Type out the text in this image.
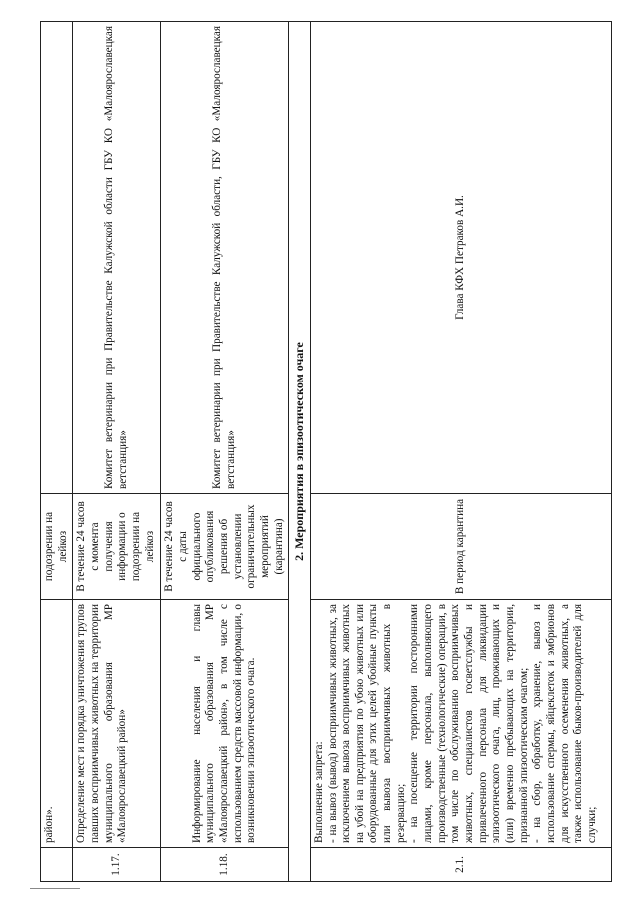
	район».	подозрении на лейкоз	
1.17.	Определение мест и порядка уничтожения трупов павших восприимчивых животных на территории муниципального образования МР «Малоярославецкий район»	В течение 24 часов с момента получения информации о подозрении на лейкоз	Комитет ветеринарии при Правительстве Калужской области ГБУ КО «Малоярославецкая ветстанция»
1.18.	Информирование населения и главы муниципального образования МР «Малоярославецкий район», в том числе с использованием средств массовой информации, о возникновении эпизоотического очага.	В течение 24 часов с даты официального опубликования решения об установлении ограничительных мероприятий (карантина)	Комитет ветеринарии при Правительстве Калужской области, ГБУ КО «Малоярославецкая ветстанция»
2. Мероприятия в эпизоотическом очаге			
2.1.	Выполнение запрета: - на вывоз (вывод) восприимчивых животных, за исключением вывоза восприимчивых животных на убой на предприятия по убою животных или оборудованные для этих целей убойные пункты или вывоза восприимчивых животных в резервацию; - на посещение территории посторонними лицами, кроме персонала, выполняющего производственные (технологические) операции, в том числе по обслуживанию восприимчивых животных, специалистов госветслужбы и привлеченного персонала для ликвидации эпизоотического очага, лиц, проживающих и (или) временно пребывающих на территории, признанной эпизоотическим очагом; - на сбор, обработку, хранение, вывоз и использование спермы, яйцеклеток и эмбрионов для искусственного осеменения животных, а также использование быков-производителей для случки;	В период карантина	Глава КФХ Петраков А.И.
